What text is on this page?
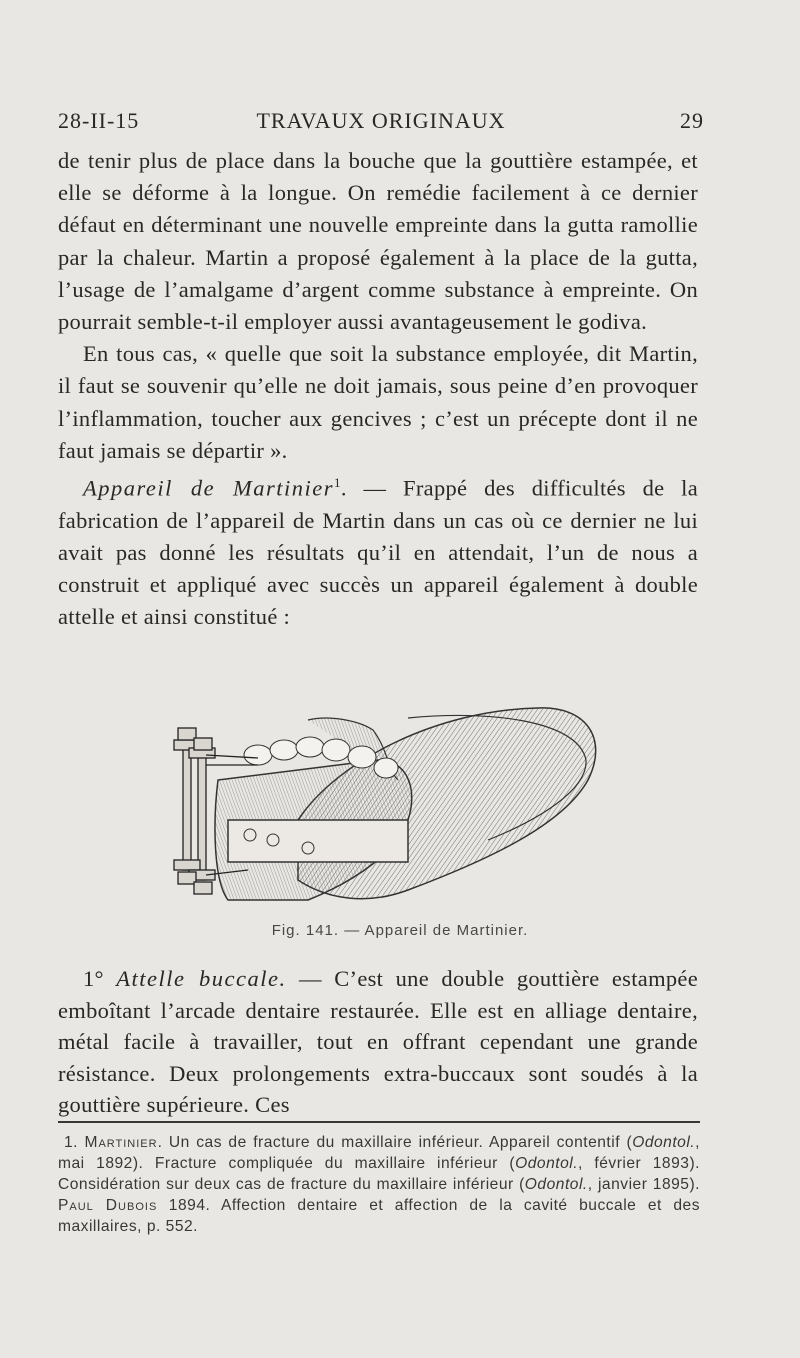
28-II-15	TRAVAUX ORIGINAUX	29

de tenir plus de place dans la bouche que la gouttière estampée, et elle se déforme à la longue. On remédie facilement à ce dernier défaut en déterminant une nouvelle empreinte dans la gutta ramollie par la chaleur. Martin a proposé également à la place de la gutta, l’usage de l’amalgame d’argent comme substance à empreinte. On pourrait semble-t-il employer aussi avantageusement le godiva.

En tous cas, « quelle que soit la substance employée, dit Martin, il faut se souvenir qu’elle ne doit jamais, sous peine d’en provoquer l’inflammation, toucher aux gencives ; c’est un précepte dont il ne faut jamais se départir ».

Appareil de Martinier$^1$. — Frappé des difficultés de la fabrication de l’appareil de Martin dans un cas où ce dernier ne lui avait pas donné les résultats qu’il en attendait, l’un de nous a construit et appliqué avec succès un appareil également à double attelle et ainsi constitué :

Fig. 141. — Appareil de Martinier.

1° Attelle buccale. — C’est une double gouttière estampée emboîtant l’arcade dentaire restaurée. Elle est en alliage dentaire, métal facile à travailler, tout en offrant cependant une grande résistance. Deux prolongements extra-buccaux sont soudés à la gouttière supérieure. Ces

1. Martinier. Un cas de fracture du maxillaire inférieur. Appareil contentif (Odontol., mai 1892). Fracture compliquée du maxillaire inférieur (Odontol., février 1893). Considération sur deux cas de fracture du maxillaire inférieur (Odontol., janvier 1895). Paul Dubois 1894. Affection dentaire et affection de la cavité buccale et des maxillaires, p. 552.
